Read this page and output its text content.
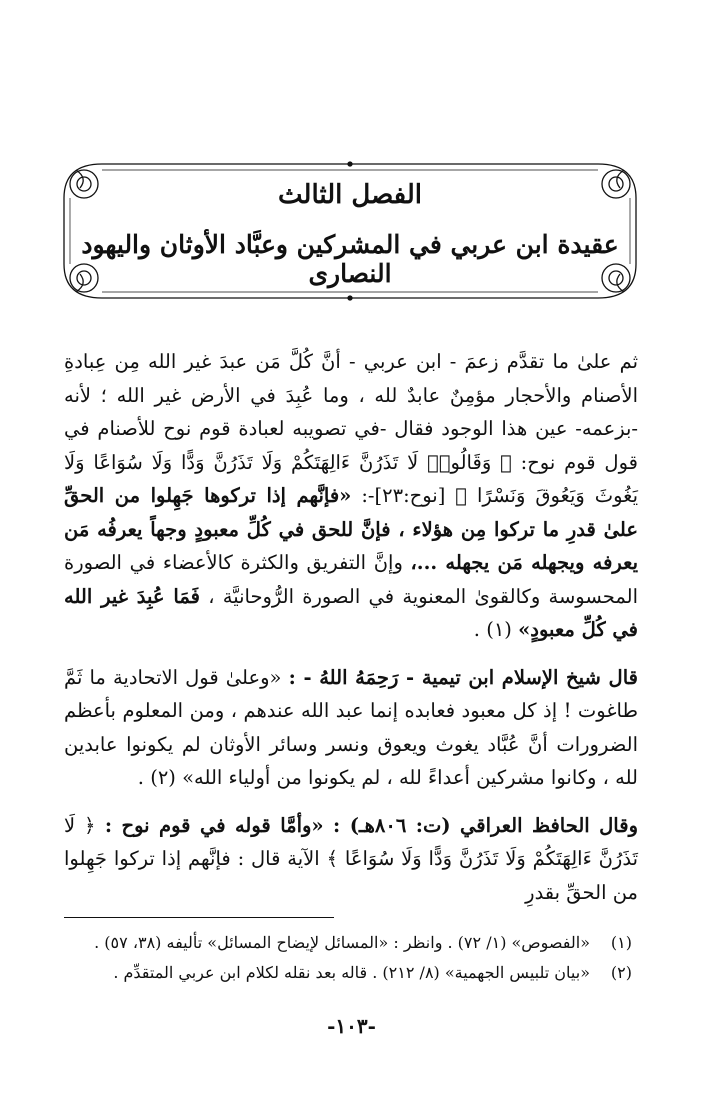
الفصل الثالث
عقيدة ابن عربي في المشركين وعبَّاد الأوثان واليهود النصارى

ثم علىٰ ما تقدَّم زعمَ - ابن عربي - أنَّ كُلَّ مَن عبدَ غير الله مِن عِبادةِ الأصنام والأحجار مؤمِنٌ عابدٌ لله ، وما عُبِدَ في الأرض غير الله ؛ لأنه -بزعمه- عين هذا الوجود فقال -في تصويبه لعبادة قوم نوح للأصنام في قول قوم نوح: ﴿ وَقَالُوا۟ لَا تَذَرُنَّ ءَالِهَتَكُمْ وَلَا تَذَرُنَّ وَدًّا وَلَا سُوَاعًا وَلَا يَغُوثَ وَيَعُوقَ وَنَسْرًا ﴾ [نوح:٢٣]-: «فإنَّهم إذا تركوها جَهِلوا من الحقِّ علىٰ قدرِ ما تركوا مِن هؤلاء ، فإنَّ للحق في كُلِّ معبودٍ وجهاً يعرفُه مَن يعرفه ويجهله مَن يجهله ...، وإنَّ التفريق والكثرة كالأعضاء في الصورة المحسوسة وكالقوىٰ المعنوية في الصورة الرُّوحانيَّة ، فَمَا عُبِدَ غير الله في كُلِّ معبودٍ» (١) .

قال شيخ الإسلام ابن تيمية - رَحِمَهُ اللهُ - : «وعلىٰ قول الاتحادية ما ثَمَّ طاغوت ! إذ كل معبود فعابده إنما عبد الله عندهم ، ومن المعلوم بأعظم الضرورات أنَّ عُبَّاد يغوث ويعوق ونسر وسائر الأوثان لم يكونوا عابدين لله ، وكانوا مشركين أعداءً لله ، لم يكونوا من أولياء الله» (٢) .

وقال الحافظ العراقي (ت: ٨٠٦هـ) : «وأمَّا قوله في قوم نوح : ﴿ لَا تَذَرُنَّ ءَالِهَتَكُمْ وَلَا تَذَرُنَّ وَدًّا وَلَا سُوَاعًا ﴾ الآية قال : فإنَّهم إذا تركوا جَهِلوا من الحقِّ بقدرِ

(١)
«الفصوص» (١/ ٧٢) . وانظر : «المسائل لإيضاح المسائل» تأليفه (٣٨، ٥٧) .
(٢)
«بيان تلبيس الجهمية» (٨/ ٢١٢) . قاله بعد نقله لكلام ابن عربي المتقدِّم .
-١٠٣-
